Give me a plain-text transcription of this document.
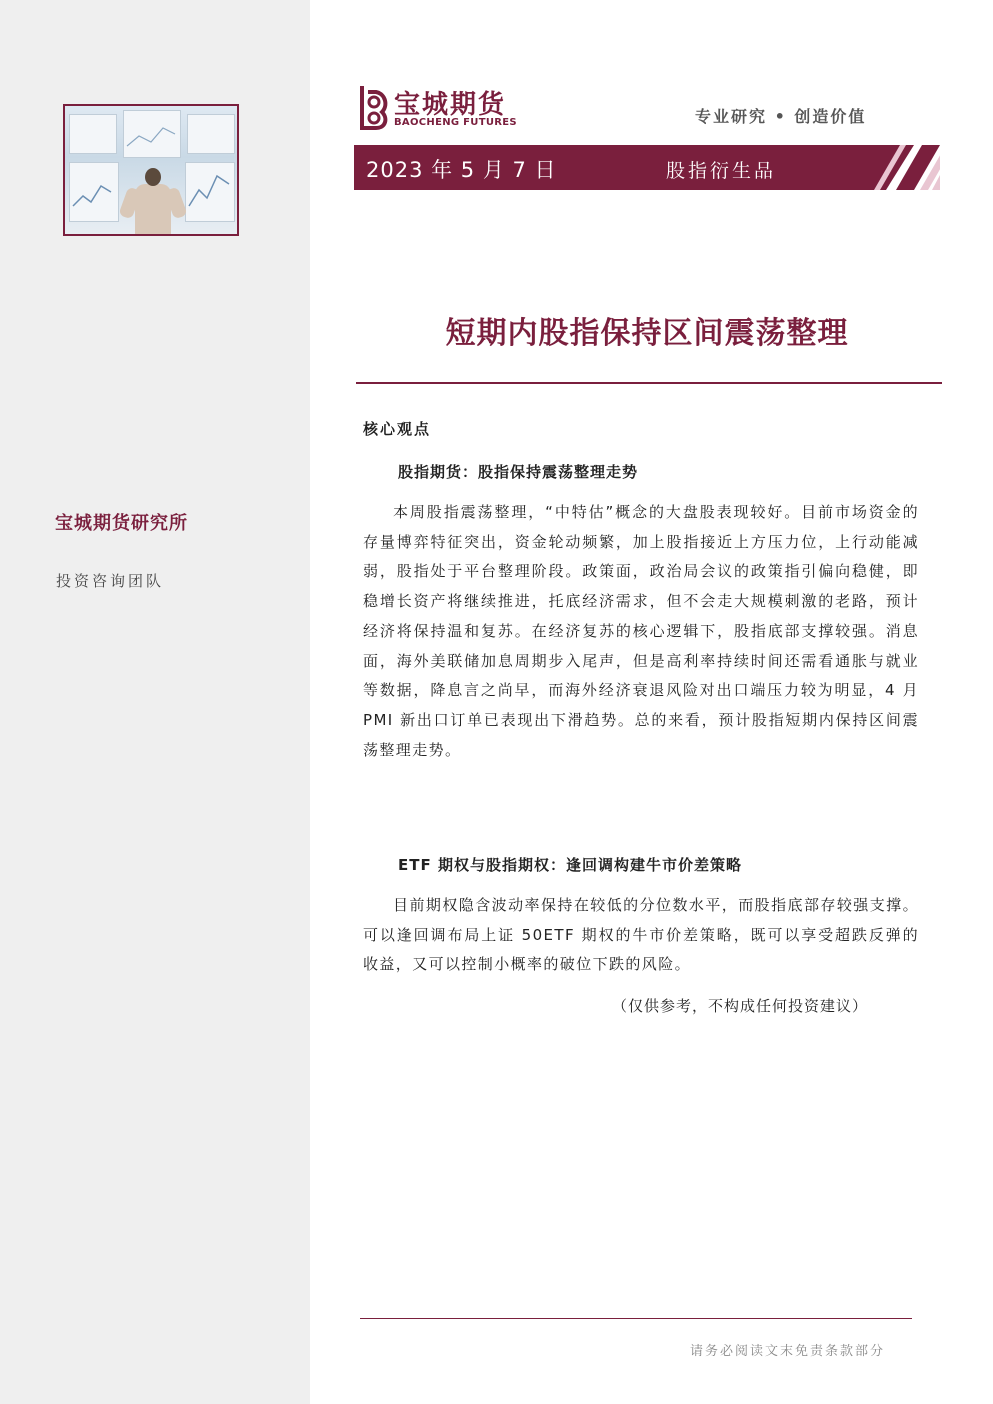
宝城期货研究所
投资咨询团队
宝城期货
BAOCHENG FUTURES	专业研究 • 创造价值
2023 年 5 月 7 日	股指衍生品
短期内股指保持区间震荡整理
核心观点
股指期货：股指保持震荡整理走势
本周股指震荡整理，“中特估”概念的大盘股表现较好。目前市场资金的存量博弈特征突出，资金轮动频繁，加上股指接近上方压力位，上行动能减弱，股指处于平台整理阶段。政策面，政治局会议的政策指引偏向稳健，即稳增长资产将继续推进，托底经济需求，但不会走大规模刺激的老路，预计经济将保持温和复苏。在经济复苏的核心逻辑下，股指底部支撑较强。消息面，海外美联储加息周期步入尾声，但是高利率持续时间还需看通胀与就业等数据，降息言之尚早，而海外经济衰退风险对出口端压力较为明显，4 月 PMI 新出口订单已表现出下滑趋势。总的来看，预计股指短期内保持区间震荡整理走势。
ETF 期权与股指期权：逢回调构建牛市价差策略
目前期权隐含波动率保持在较低的分位数水平，而股指底部存较强支撑。可以逢回调布局上证 50ETF 期权的牛市价差策略，既可以享受超跌反弹的收益，又可以控制小概率的破位下跌的风险。
（仅供参考，不构成任何投资建议）
请务必阅读文末免责条款部分
